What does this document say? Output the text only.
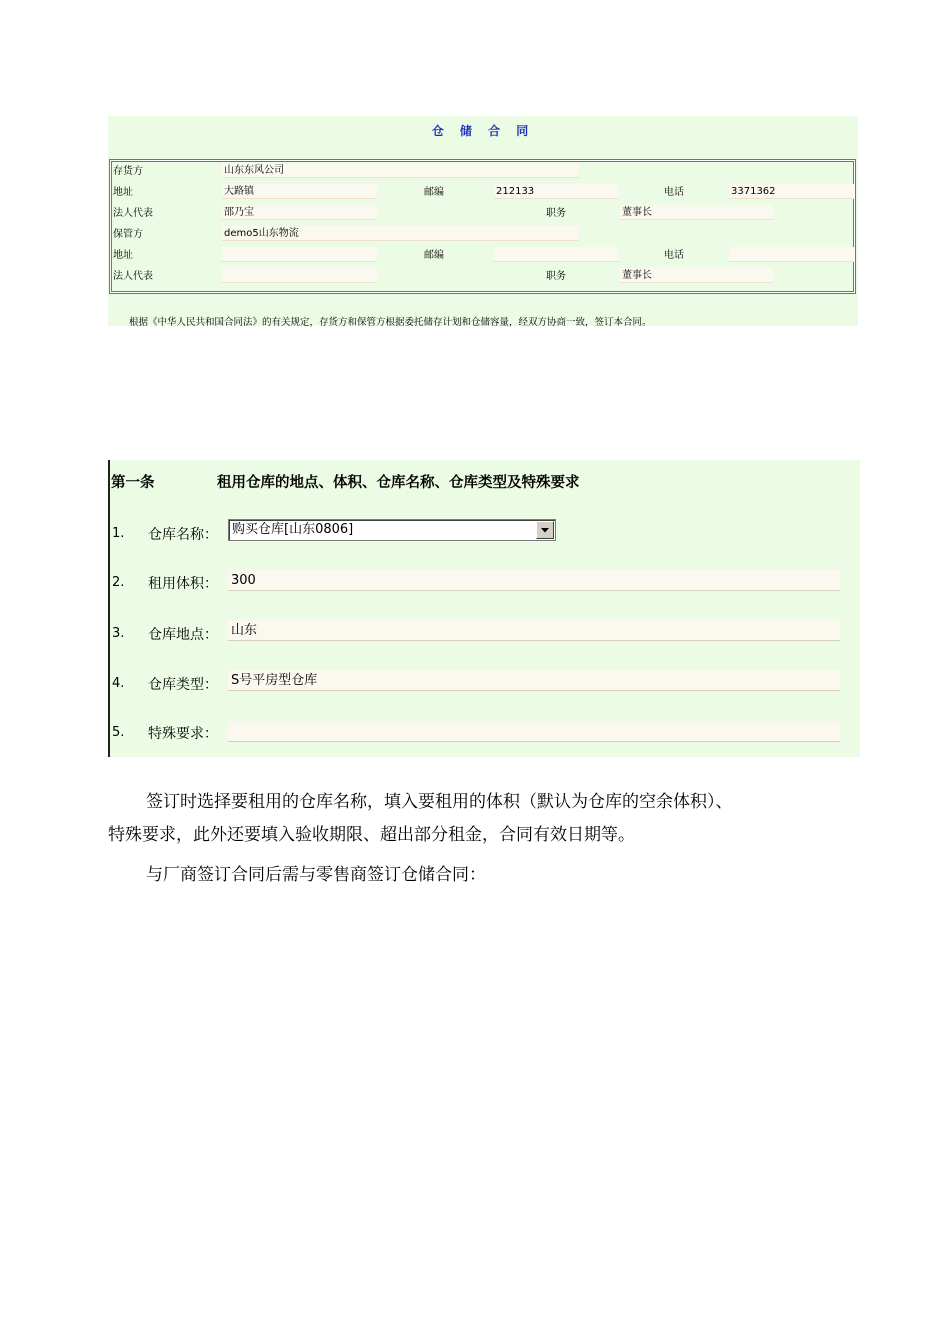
仓 储 合 同
存货方	山东东风公司
地址	大路镇	邮编	212133	电话	3371362
法人代表	邵乃宝	职务	董事长
保管方	demo5山东物流
地址	邮编	电话
法人代表	职务	董事长
根据《中华人民共和国合同法》的有关规定，存货方和保管方根据委托储存计划和仓储容量，经双方协商一致，签订本合同。
第一条	租用仓库的地点、体积、仓库名称、仓库类型及特殊要求
1. 仓库名称：	购买仓库[山东0806]
2. 租用体积： 300
3. 仓库地点： 山东
4. 仓库类型： S号平房型仓库
5. 特殊要求：
签订时选择要租用的仓库名称，填入要租用的体积（默认为仓库的空余体积）、
特殊要求，此外还要填入验收期限、超出部分租金，合同有效日期等。
与厂商签订合同后需与零售商签订仓储合同：
